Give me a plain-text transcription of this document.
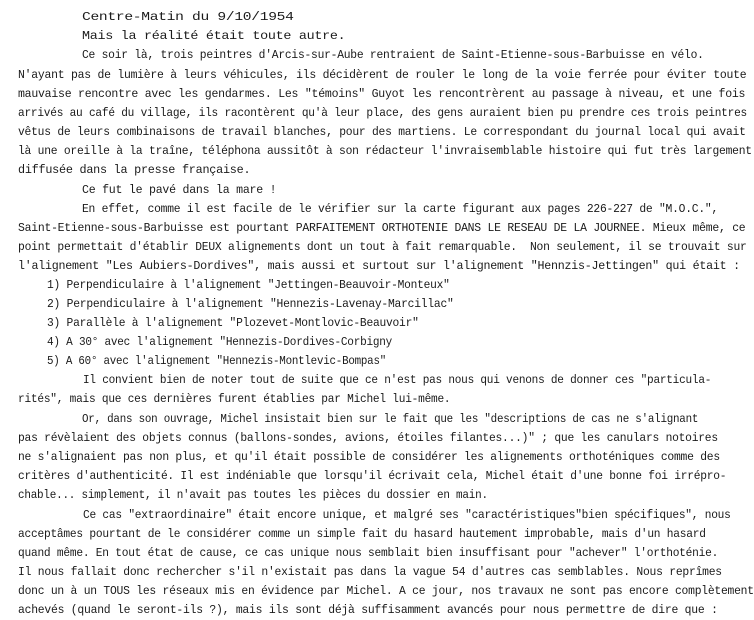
Centre-Matin du 9/10/1954

Mais la réalité était toute autre.

Ce soir là, trois peintres d'Arcis-sur-Aube rentraient de Saint-Etienne-sous-Barbuisse en vélo.

N'ayant pas de lumière à leurs véhicules, ils décidèrent de rouler le long de la voie ferrée pour éviter toute

mauvaise rencontre avec les gendarmes. Les "témoins" Guyot les rencontrèrent au passage à niveau, et une fois

arrivés au café du village, ils racontèrent qu'à leur place, des gens auraient bien pu prendre ces trois peintres

vêtus de leurs combinaisons de travail blanches, pour des martiens. Le correspondant du journal local qui avait

là une oreille à la traîne, téléphona aussitôt à son rédacteur l'invraisemblable histoire qui fut très largement

diffusée dans la presse française.

Ce fut le pavé dans la mare !

En effet, comme il est facile de le vérifier sur la carte figurant aux pages 226-227 de "M.O.C.",

Saint-Etienne-sous-Barbuisse est pourtant PARFAITEMENT ORTHOTENIE DANS LE RESEAU DE LA JOURNEE. Mieux même, ce

point permettait d'établir DEUX alignements dont un tout à fait remarquable.  Non seulement, il se trouvait sur

l'alignement "Les Aubiers-Dordives", mais aussi et surtout sur l'alignement "Hennzis-Jettingen" qui était :

1) Perpendiculaire à l'alignement "Jettingen-Beauvoir-Monteux"

2) Perpendiculaire à l'alignement "Hennezis-Lavenay-Marcillac"

3) Parallèle à l'alignement "Plozevet-Montlovic-Beauvoir"

4) A 30° avec l'alignement "Hennezis-Dordives-Corbigny

5) A 60° avec l'alignement "Hennezis-Montlevic-Bompas"

Il convient bien de noter tout de suite que ce n'est pas nous qui venons de donner ces "particula-

rités", mais que ces dernières furent établies par Michel lui-même.

Or, dans son ouvrage, Michel insistait bien sur le fait que les "descriptions de cas ne s'alignant

pas révèlaient des objets connus (ballons-sondes, avions, étoiles filantes...)" ; que les canulars notoires

ne s'alignaient pas non plus, et qu'il était possible de considérer les alignements orthoténiques comme des

critères d'authenticité. Il est indéniable que lorsqu'il écrivait cela, Michel était d'une bonne foi irrépro-

chable... simplement, il n'avait pas toutes les pièces du dossier en main.

Ce cas "extraordinaire" était encore unique, et malgré ses "caractéristiques"bien spécifiques", nous

acceptâmes pourtant de le considérer comme un simple fait du hasard hautement improbable, mais d'un hasard

quand même. En tout état de cause, ce cas unique nous semblait bien insuffisant pour "achever" l'orthoténie.

Il nous fallait donc rechercher s'il n'existait pas dans la vague 54 d'autres cas semblables. Nous reprîmes

donc un à un TOUS les réseaux mis en évidence par Michel. A ce jour, nos travaux ne sont pas encore complètement

achevés (quand le seront-ils ?), mais ils sont déjà suffisamment avancés pour nous permettre de dire que :
